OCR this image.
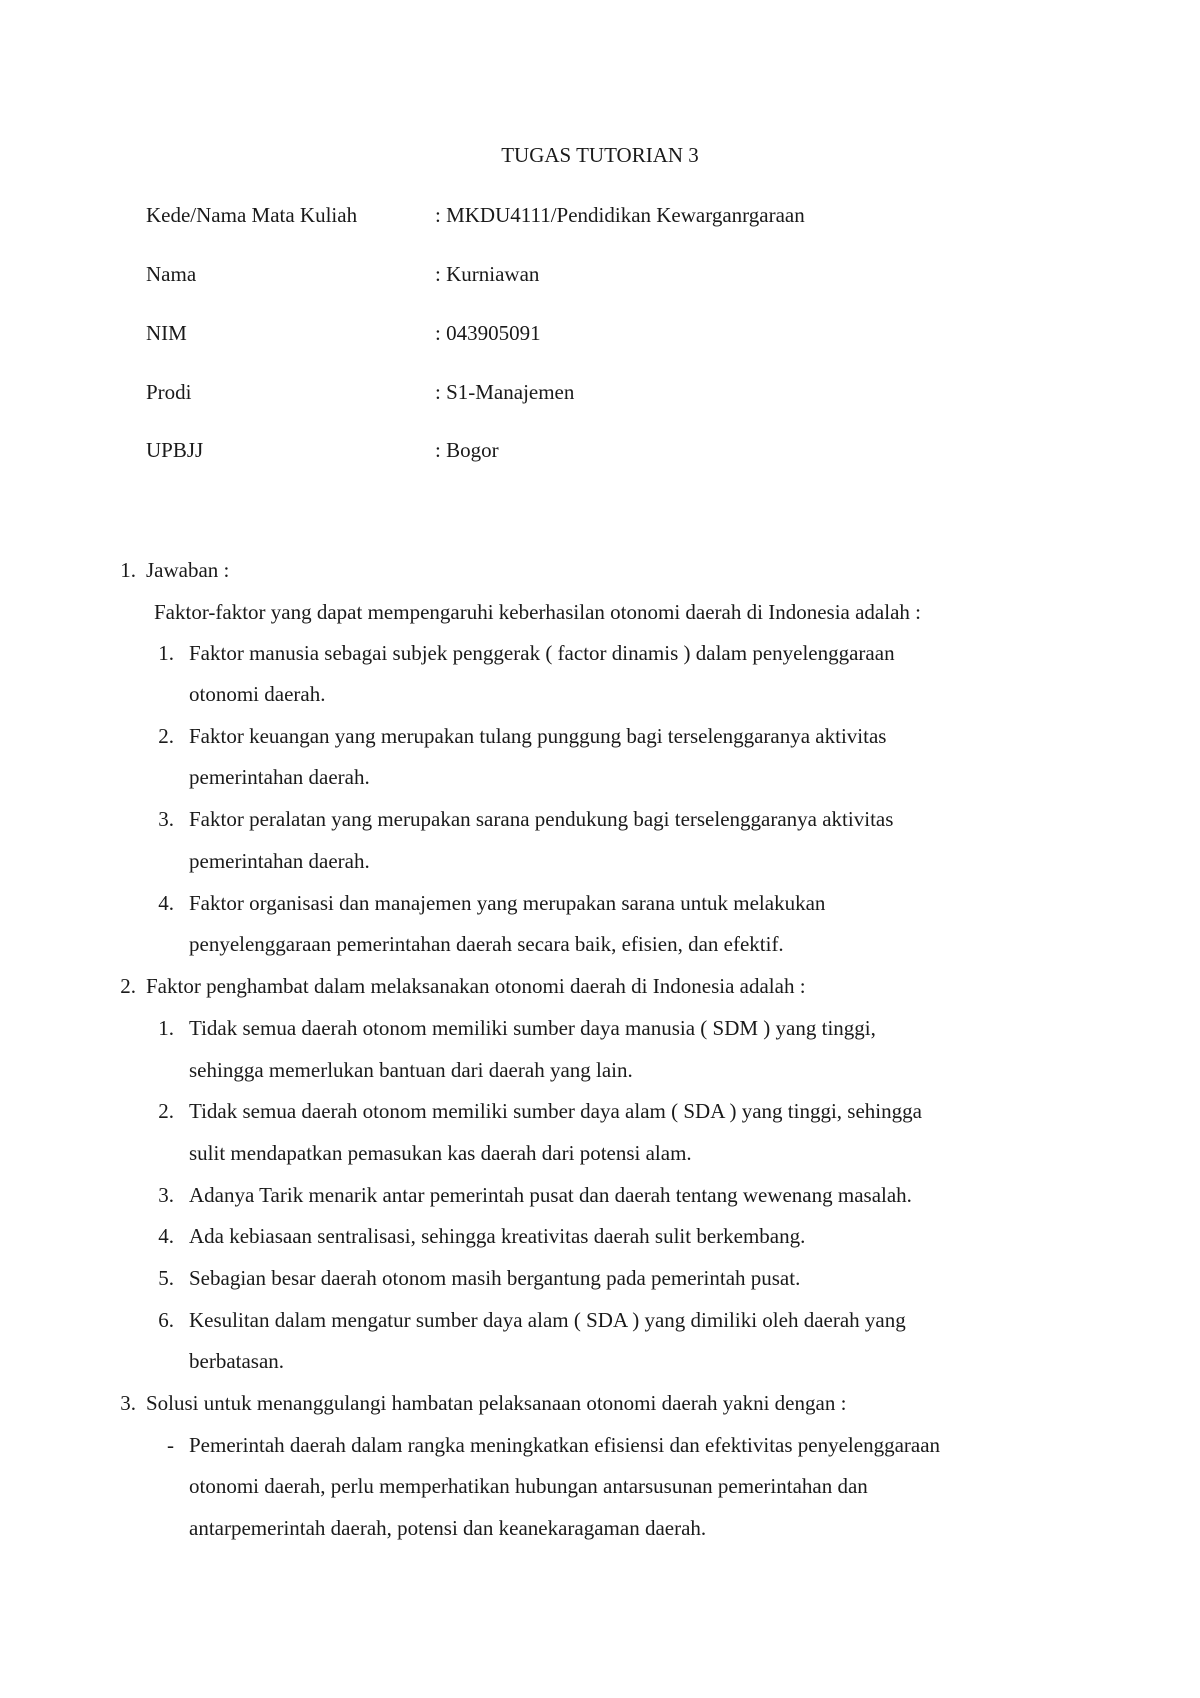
TUGAS TUTORIAN 3
Kede/Nama Mata Kuliah	: MKDU4111/Pendidikan Kewarganrgaraan
Nama	: Kurniawan
NIM	: 043905091
Prodi	: S1-Manajemen
UPBJJ	: Bogor
1. Jawaban :
Faktor-faktor yang dapat mempengaruhi keberhasilan otonomi daerah di Indonesia adalah :
1. Faktor manusia sebagai subjek penggerak ( factor dinamis ) dalam penyelenggaraan
otonomi daerah.
2. Faktor keuangan yang merupakan tulang punggung bagi terselenggaranya aktivitas
pemerintahan daerah.
3. Faktor peralatan yang merupakan sarana pendukung bagi terselenggaranya aktivitas
pemerintahan daerah.
4. Faktor organisasi dan manajemen yang merupakan sarana untuk melakukan
penyelenggaraan pemerintahan daerah secara baik, efisien, dan efektif.
2. Faktor penghambat dalam melaksanakan otonomi daerah di Indonesia adalah :
1. Tidak semua daerah otonom memiliki sumber daya manusia ( SDM ) yang tinggi,
sehingga memerlukan bantuan dari daerah yang lain.
2. Tidak semua daerah otonom memiliki sumber daya alam ( SDA ) yang tinggi, sehingga
sulit mendapatkan pemasukan kas daerah dari potensi alam.
3. Adanya Tarik menarik antar pemerintah pusat dan daerah tentang wewenang masalah.
4. Ada kebiasaan sentralisasi, sehingga kreativitas daerah sulit berkembang.
5. Sebagian besar daerah otonom masih bergantung pada pemerintah pusat.
6. Kesulitan dalam mengatur sumber daya alam ( SDA ) yang dimiliki oleh daerah yang
berbatasan.
3. Solusi untuk menanggulangi hambatan pelaksanaan otonomi daerah yakni dengan :
- Pemerintah daerah dalam rangka meningkatkan efisiensi dan efektivitas penyelenggaraan
otonomi daerah, perlu memperhatikan hubungan antarsusunan pemerintahan dan
antarpemerintah daerah, potensi dan keanekaragaman daerah.
